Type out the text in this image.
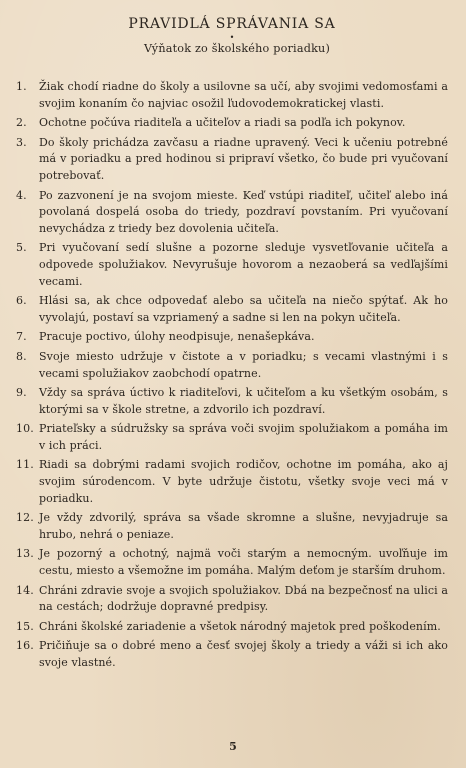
PRAVIDLÁ SPRÁVANIA SA
•
Výňatok zo školského poriadku)
1. Žiak chodí riadne do školy a usilovne sa učí, aby svojimi vedomosťami a svojim konaním čo najviac osožil ľudovodemokratickej vlasti.
2. Ochotne počúva riaditeľa a učiteľov a riadi sa podľa ich pokynov.
3. Do školy prichádza zavčasu a riadne upravený. Veci k učeniu potrebné má v poriadku a pred hodinou si pripraví všetko, čo bude pri vyučovaní potrebovať.
4. Po zazvonení je na svojom mieste. Keď vstúpi riaditeľ, učiteľ alebo iná povolaná dospelá osoba do triedy, pozdraví povstaním. Pri vyučovaní nevychádza z triedy bez dovolenia učiteľa.
5. Pri vyučovaní sedí slušne a pozorne sleduje vysvetľovanie učiteľa a odpovede spolužiakov. Nevyrušuje hovorom a nezaoberá sa vedľajšími vecami.
6. Hlási sa, ak chce odpovedať alebo sa učiteľa na niečo spýtať. Ak ho vyvolajú, postaví sa vzpriamený a sadne si len na pokyn učiteľa.
7. Pracuje poctivo, úlohy neodpisuje, nenašepkáva.
8. Svoje miesto udržuje v čistote a v poriadku; s vecami vlastnými i s vecami spolužiakov zaobchodí opatrne.
9. Vždy sa správa úctivo k riaditeľovi, k učiteľom a ku všetkým osobám, s ktorými sa v škole stretne, a zdvorilo ich pozdraví.
10. Priateľsky a súdružsky sa správa voči svojim spolužiakom a pomáha im v ich práci.
11. Riadi sa dobrými radami svojich rodičov, ochotne im pomáha, ako aj svojim súrodencom. V byte udržuje čistotu, všetky svoje veci má v poriadku.
12. Je vždy zdvorilý, správa sa všade skromne a slušne, nevyjadruje sa hrubo, nehrá o peniaze.
13. Je pozorný a ochotný, najmä voči starým a nemocným. uvoľňuje im cestu, miesto a všemožne im pomáha. Malým deťom je starším druhom.
14. Chráni zdravie svoje a svojich spolužiakov. Dbá na bezpečnosť na ulici a na cestách; dodržuje dopravné predpisy.
15. Chráni školské zariadenie a všetok národný majetok pred poškodením.
16. Pričiňuje sa o dobré meno a česť svojej školy a triedy a váži si ich ako svoje vlastné.
5
